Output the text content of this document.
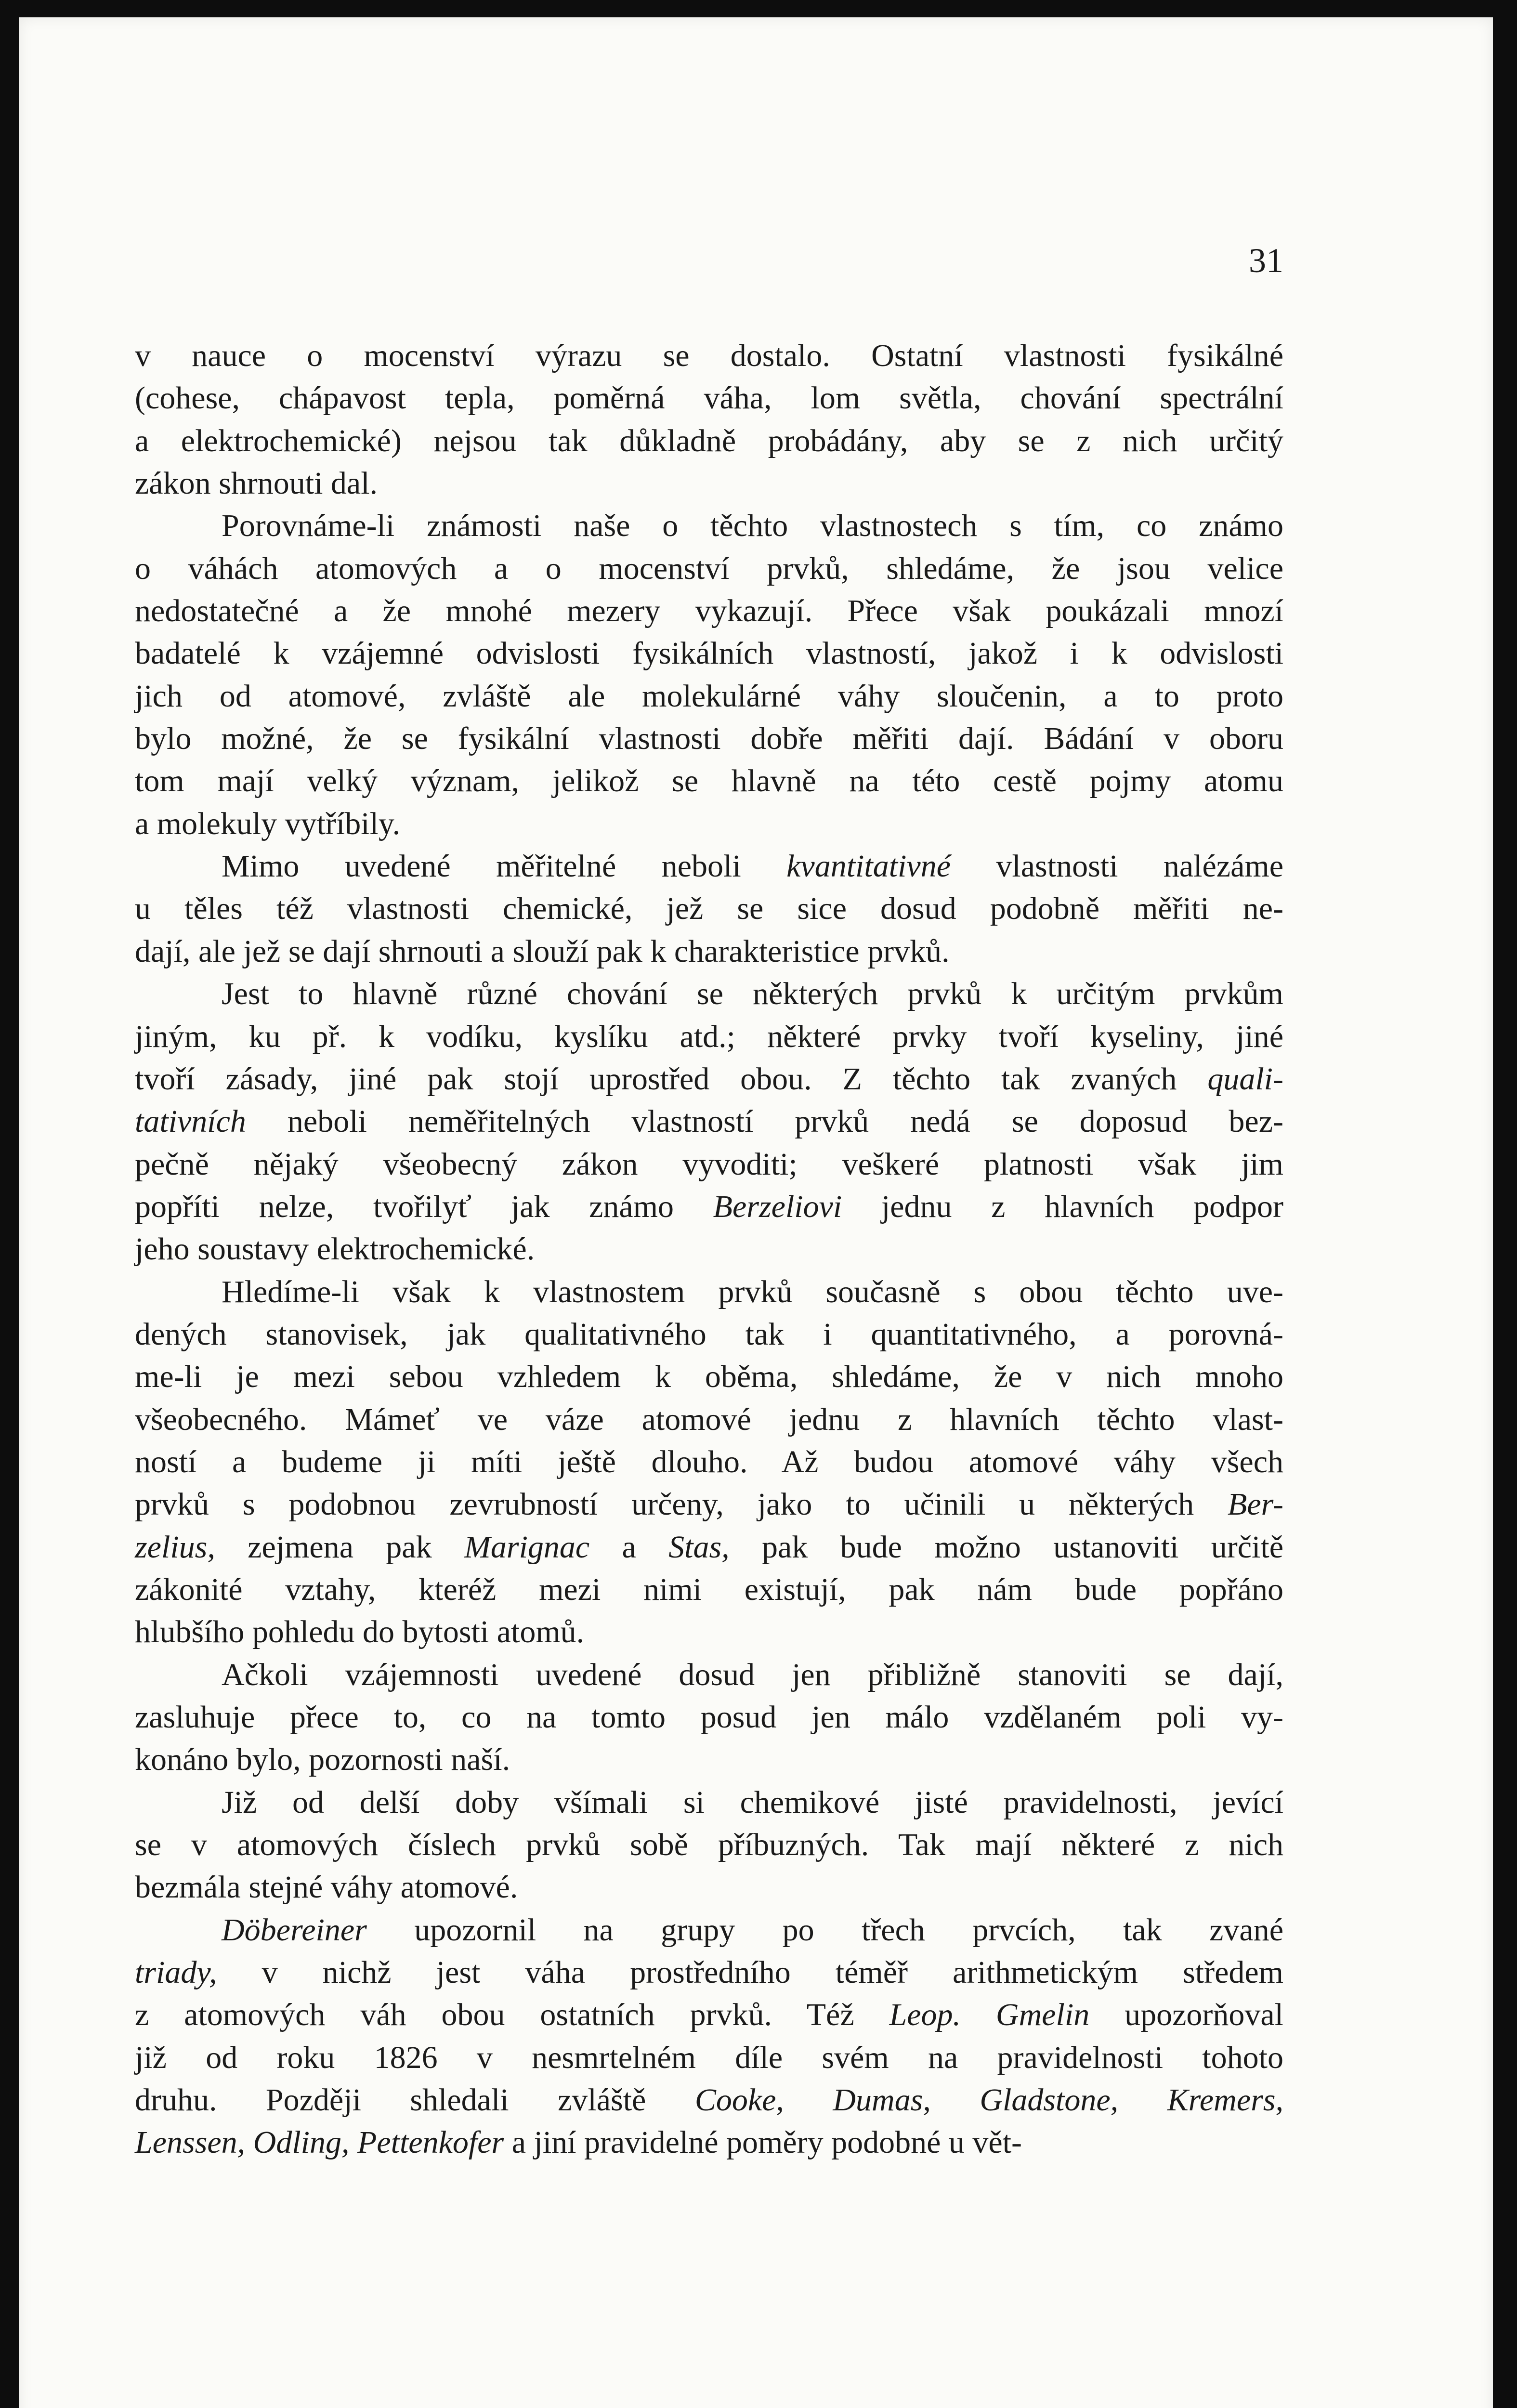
31

v nauce o mocenství výrazu se dostalo. Ostatní vlastnosti fysikálné

(cohese, chápavost tepla, poměrná váha, lom světla, chování spectrální

a elektrochemické) nejsou tak důkladně probádány, aby se z nich určitý

zákon shrnouti dal.

Porovnáme-li známosti naše o těchto vlastnostech s tím, co známo

o váhách atomových a o mocenství prvků, shledáme, že jsou velice

nedostatečné a že mnohé mezery vykazují. Přece však poukázali mnozí

badatelé k vzájemné odvislosti fysikálních vlastností, jakož i k odvislosti

jich od atomové, zvláště ale molekulárné váhy sloučenin, a to proto

bylo možné, že se fysikální vlastnosti dobře měřiti dají. Bádání v oboru

tom mají velký význam, jelikož se hlavně na této cestě pojmy atomu

a molekuly vytříbily.

Mimo uvedené měřitelné neboli kvantitativné vlastnosti nalézáme

u těles též vlastnosti chemické, jež se sice dosud podobně měřiti ne-

dají, ale jež se dají shrnouti a slouží pak k charakteristice prvků.

Jest to hlavně různé chování se některých prvků k určitým prvkům

jiným, ku př. k vodíku, kyslíku atd.; některé prvky tvoří kyseliny, jiné

tvoří zásady, jiné pak stojí uprostřed obou. Z těchto tak zvaných quali-

tativních neboli neměřitelných vlastností prvků nedá se doposud bez-

pečně nějaký všeobecný zákon vyvoditi; veškeré platnosti však jim

popříti nelze, tvořilyť jak známo Berzeliovi jednu z hlavních podpor

jeho soustavy elektrochemické.

Hledíme-li však k vlastnostem prvků současně s obou těchto uve-

dených stanovisek, jak qualitativného tak i quantitativného, a porovná-

me-li je mezi sebou vzhledem k oběma, shledáme, že v nich mnoho

všeobecného. Mámeť ve váze atomové jednu z hlavních těchto vlast-

ností a budeme ji míti ještě dlouho. Až budou atomové váhy všech

prvků s podobnou zevrubností určeny, jako to učinili u některých Ber-

zelius, zejmena pak Marignac a Stas, pak bude možno ustanoviti určitě

zákonité vztahy, kteréž mezi nimi existují, pak nám bude popřáno

hlubšího pohledu do bytosti atomů.

Ačkoli vzájemnosti uvedené dosud jen přibližně stanoviti se dají,

zasluhuje přece to, co na tomto posud jen málo vzdělaném poli vy-

konáno bylo, pozornosti naší.

Již od delší doby všímali si chemikové jisté pravidelnosti, jevící

se v atomových číslech prvků sobě příbuzných. Tak mají některé z nich

bezmála stejné váhy atomové.

Döbereiner upozornil na grupy po třech prvcích, tak zvané

triady, v nichž jest váha prostředního téměř arithmetickým středem

z atomových váh obou ostatních prvků. Též Leop. Gmelin upozorňoval

již od roku 1826 v nesmrtelném díle svém na pravidelnosti tohoto

druhu. Později shledali zvláště Cooke, Dumas, Gladstone, Kremers,

Lenssen, Odling, Pettenkofer a jiní pravidelné poměry podobné u vět-
